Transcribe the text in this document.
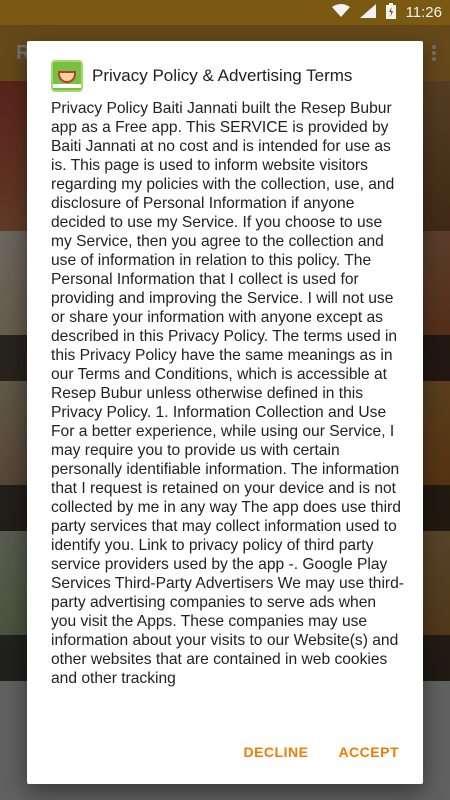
11:26
Privacy Policy & Advertising Terms
Privacy Policy Baiti Jannati built the Resep Bubur app as a Free app. This SERVICE is provided by Baiti Jannati at no cost and is intended for use as is. This page is used to inform website visitors regarding my policies with the collection, use, and disclosure of Personal Information if anyone decided to use my Service. If you choose to use my Service, then you agree to the collection and use of information in relation to this policy. The Personal Information that I collect is used for providing and improving the Service. I will not use or share your information with anyone except as described in this Privacy Policy. The terms used in this Privacy Policy have the same meanings as in our Terms and Conditions, which is accessible at Resep Bubur unless otherwise defined in this Privacy Policy. 1. Information Collection and Use For a better experience, while using our Service, I may require you to provide us with certain personally identifiable information. The information that I request is retained on your device and is not collected by me in any way The app does use third party services that may collect information used to identify you. Link to privacy policy of third party service providers used by the app -. Google Play Services Third-Party Advertisers We may use third-party advertising companies to serve ads when you visit the Apps. These companies may use information about your visits to our Website(s) and other websites that are contained in web cookies and other tracking
DECLINE ACCEPT
